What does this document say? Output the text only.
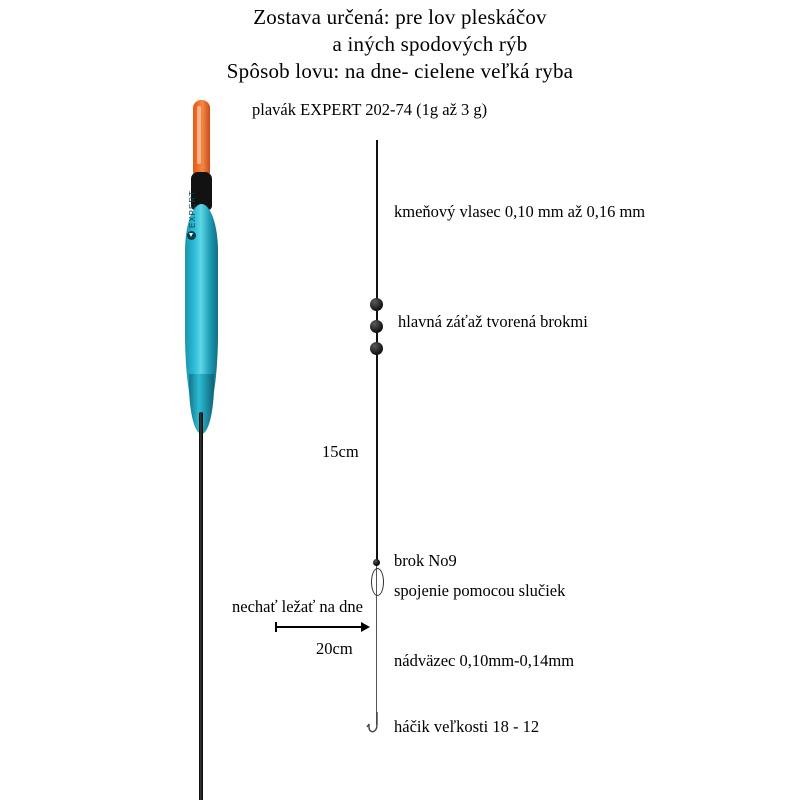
Zostava určená: pre lov pleskáčov
a iných spodových rýb
Spôsob lovu: na dne- cielene veľká ryba
EXPERT
plavák EXPERT 202-74 (1g až 3 g)
kmeňový vlasec 0,10 mm až 0,16 mm
hlavná záťaž tvorená brokmi
15cm
brok No9
spojenie pomocou slučiek
nechať ležať na dne
20cm
nádväzec 0,10mm-0,14mm
háčik veľkosti 18 - 12
